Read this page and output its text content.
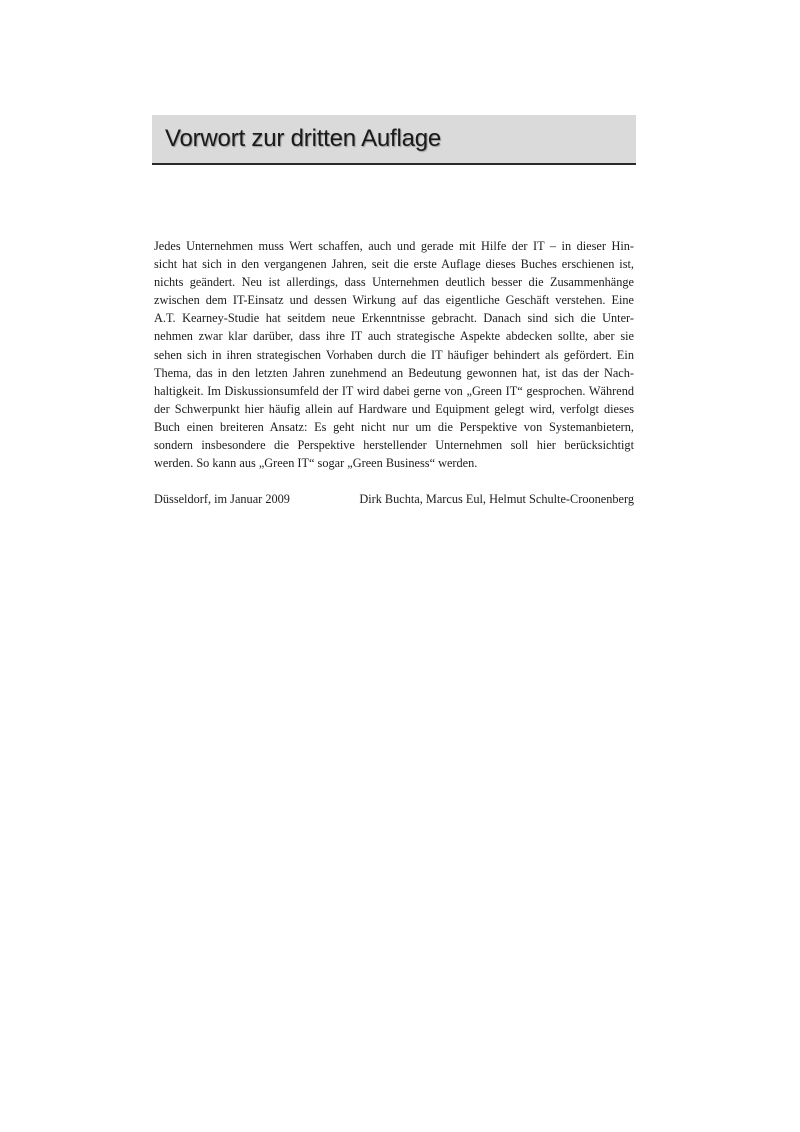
Vorwort zur dritten Auflage
Jedes Unternehmen muss Wert schaffen, auch und gerade mit Hilfe der IT – in dieser Hin-
sicht hat sich in den vergangenen Jahren, seit die erste Auflage dieses Buches erschienen ist,
nichts geändert. Neu ist allerdings, dass Unternehmen deutlich besser die Zusammenhänge
zwischen dem IT-Einsatz und dessen Wirkung auf das eigentliche Geschäft verstehen. Eine
A.T. Kearney-Studie hat seitdem neue Erkenntnisse gebracht. Danach sind sich die Unter-
nehmen zwar klar darüber, dass ihre IT auch strategische Aspekte abdecken sollte, aber sie
sehen sich in ihren strategischen Vorhaben durch die IT häufiger behindert als gefördert. Ein
Thema, das in den letzten Jahren zunehmend an Bedeutung gewonnen hat, ist das der Nach-
haltigkeit. Im Diskussionsumfeld der IT wird dabei gerne von „Green IT“ gesprochen. Während
der Schwerpunkt hier häufig allein auf Hardware und Equipment gelegt wird, verfolgt dieses
Buch einen breiteren Ansatz: Es geht nicht nur um die Perspektive von Systemanbietern,
sondern insbesondere die Perspektive herstellender Unternehmen soll hier berücksichtigt
werden. So kann aus „Green IT“ sogar „Green Business“ werden.
Düsseldorf, im Januar 2009	Dirk Buchta, Marcus Eul, Helmut Schulte-Croonenberg
